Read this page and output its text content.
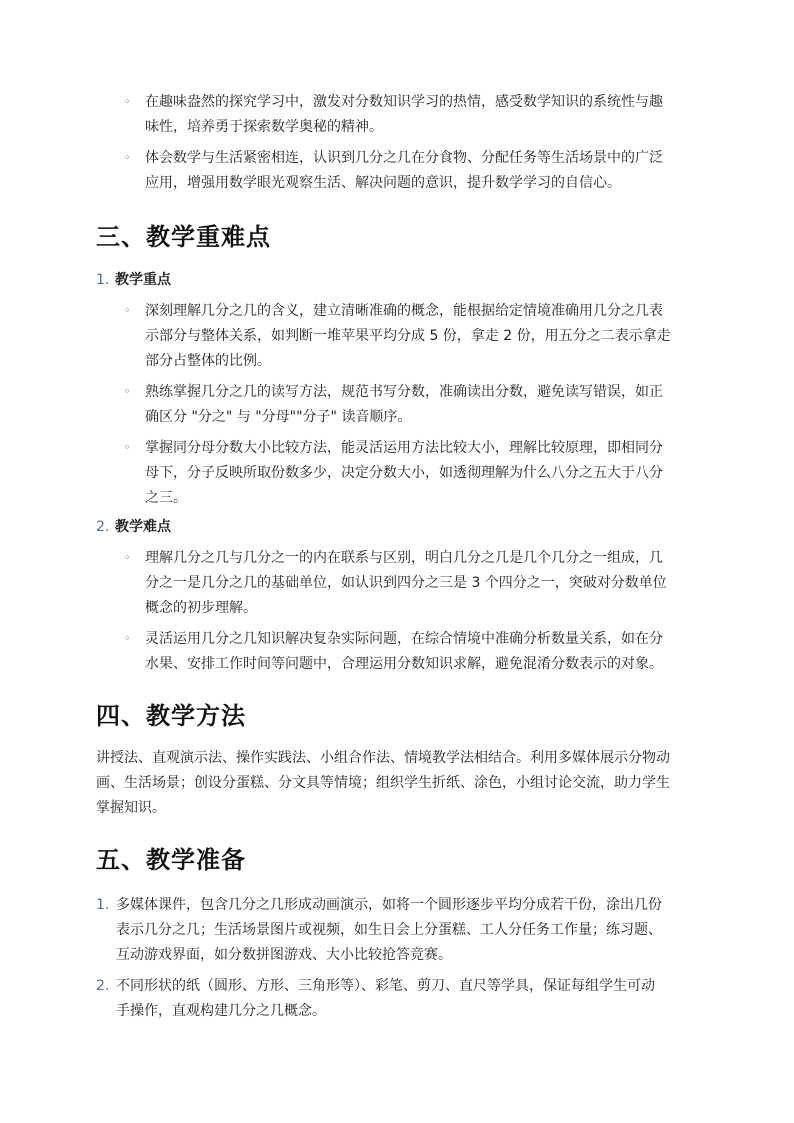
◦ 在趣味盎然的探究学习中，激发对分数知识学习的热情，感受数学知识的系统性与趣
味性，培养勇于探索数学奥秘的精神。
◦ 体会数学与生活紧密相连，认识到几分之几在分食物、分配任务等生活场景中的广泛
应用，增强用数学眼光观察生活、解决问题的意识，提升数学学习的自信心。
三、教学重难点
1. 教学重点
◦ 深刻理解几分之几的含义，建立清晰准确的概念，能根据给定情境准确用几分之几表
示部分与整体关系，如判断一堆苹果平均分成 5 份，拿走 2 份，用五分之二表示拿走
部分占整体的比例。
◦ 熟练掌握几分之几的读写方法，规范书写分数，准确读出分数，避免读写错误，如正
确区分 "分之" 与 "分母""分子" 读音顺序。
◦ 掌握同分母分数大小比较方法，能灵活运用方法比较大小，理解比较原理，即相同分
母下，分子反映所取份数多少，决定分数大小，如透彻理解为什么八分之五大于八分
之三。
2. 教学难点
◦ 理解几分之几与几分之一的内在联系与区别，明白几分之几是几个几分之一组成，几
分之一是几分之几的基础单位，如认识到四分之三是 3 个四分之一，突破对分数单位
概念的初步理解。
◦ 灵活运用几分之几知识解决复杂实际问题，在综合情境中准确分析数量关系，如在分
水果、安排工作时间等问题中，合理运用分数知识求解，避免混淆分数表示的对象。
四、教学方法
讲授法、直观演示法、操作实践法、小组合作法、情境教学法相结合。利用多媒体展示分物动
画、生活场景；创设分蛋糕、分文具等情境；组织学生折纸、涂色，小组讨论交流，助力学生
掌握知识。
五、教学准备
1. 多媒体课件，包含几分之几形成动画演示，如将一个圆形逐步平均分成若干份，涂出几份
表示几分之几；生活场景图片或视频，如生日会上分蛋糕、工人分任务工作量；练习题、
互动游戏界面，如分数拼图游戏、大小比较抢答竞赛。
2. 不同形状的纸（圆形、方形、三角形等）、彩笔、剪刀、直尺等学具，保证每组学生可动
手操作，直观构建几分之几概念。
